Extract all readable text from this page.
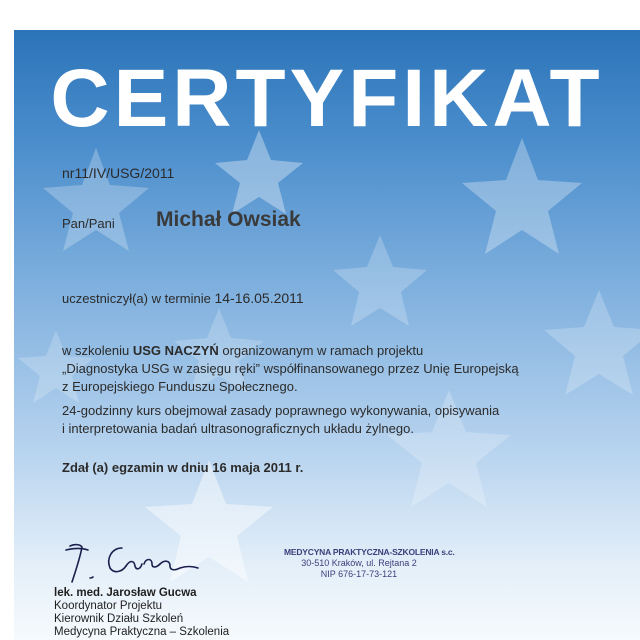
CERTYFIKAT
nr11/IV/USG/2011
Pan/Pani Michał Owsiak
uczestniczył(a) w terminie 14-16.05.2011
w szkoleniu USG NACZYŃ organizowanym w ramach projektu
„Diagnostyka USG w zasięgu ręki” współfinansowanego przez Unię Europejską
z Europejskiego Funduszu Społecznego.
24-godzinny kurs obejmował zasady poprawnego wykonywania, opisywania
i interpretowania badań ultrasonograficznych układu żylnego.
Zdał (a) egzamin w dniu 16 maja 2011 r.
MEDYCYNA PRAKTYCZNA-SZKOLENIA s.c.
30-510 Kraków, ul. Rejtana 2
NIP 676-17-73-121
lek. med. Jarosław Gucwa
Koordynator Projektu
Kierownik Działu Szkoleń
Medycyna Praktyczna – Szkolenia
